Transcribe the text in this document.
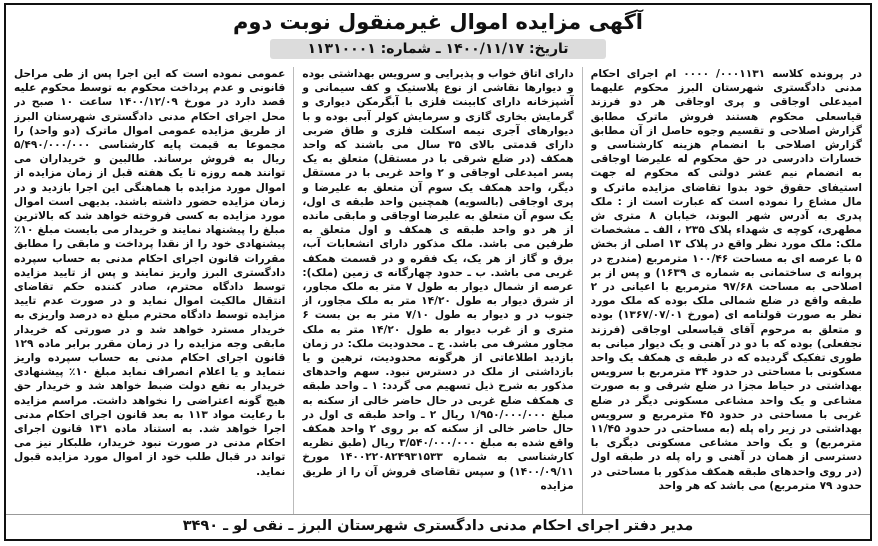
آگهی مزایده اموال غیرمنقول نوبت دوم
تاریخ: ۱۴۰۰/۱۱/۱۷ ـ شماره: ۱۱۳۱۰۰۰۱

در پرونده کلاسه ۰۰۰۱۱۳۱/ ۰۰۰۰ ام اجرای احکام مدنی دادگستری شهرستان البرز محکوم علیهما امیدعلی اوجاقی و پری اوجاقی هر دو فرزند قیاسعلی محکوم هستند فروش ماترک مطابق گزارش اصلاحی و تقسیم وجوه حاصل از آن مطابق گزارش اصلاحی با انضمام هزینه کارشناسی و خسارات دادرسی در حق محکوم له علیرضا اوجاقی به انضمام نیم عشر دولتی که محکوم له جهت استیفای حقوق خود بدوا تقاضای مزایده ماترک و مال مشاع را نموده است که عبارت است از : ملک پدری به آدرس شهر البوند، خیابان ۸ متری ش مطهری، کوچه ی شهداء پلاک ۲۳۵ ، الف ـ مشخصات ملک: ملک مورد نظر واقع در پلاک ۱۳ اصلی از بخش ۵ با عرصه ای به مساحت ۱۰۰/۴۶ مترمربع (مندرج در پروانه ی ساختمانی به شماره ی ۱۶۳۹) و پس از بر اصلاحی به مساحت ۹۷/۶۸ مترمربع با اعیانی در ۲ طبقه واقع در ضلع شمالی ملک بوده که ملک مورد نظر به صورت قولنامه ای (مورخ ۱۳۶۷/۰۷/۰۱) بوده و متعلق به مرحوم آقای قیاسعلی اوجاقی (فرزند نجفعلی) بوده که با دو در آهنی و یک دیوار میانی به طوری تفکیک گردیده که در طبقه ی همکف یک واحد مسکونی با مساحتی در حدود ۳۴ مترمربع با سرویس بهداشتی در حیاط مجزا در ضلع شرقی و به صورت مشاعی و یک واحد مشاعی مسکونی دیگر در ضلع غربی با مساحتی در حدود ۴۵ مترمربع و سرویس بهداشتی در زیر راه پله (به مساحتی در حدود ۱۱/۴۵ مترمربع) و یک واحد مشاعی مسکونی دیگری با دسترسی از همان در آهنی و راه پله در طبقه اول (در روی واحدهای طبقه همکف مذکور با مساحتی در حدود ۷۹ مترمربع) می باشد که هر واحد

دارای اتاق خواب و پذیرایی و سرویس بهداشتی بوده و دیوارها نقاشی از نوع پلاستیک و کف سیمانی و آشپزخانه دارای کابینت فلزی با آبگرمکن دیواری و گرمایش بخاری گازی و سرمایش کولر آبی بوده و با دیوارهای آجری نیمه اسکلت فلزی و طاق ضربی دارای قدمتی بالای ۳۵ سال می باشند که واحد همکف (در ضلع شرقی با در مستقل) متعلق به یک پسر امیدعلی اوجاقی و ۲ واحد غربی با در مستقل دیگر، واحد همکف یک سوم آن متعلق به علیرضا و پری اوجاقی (بالسویه) همچنین واحد طبقه ی اول، یک سوم آن متعلق به علیرضا اوجاقی و مابقی مانده از هر دو واحد طبقه ی همکف و اول متعلق به طرفین می باشد. ملک مذکور دارای انشعابات آب، برق و گاز از هر یک، یک فقره و در قسمت همکف غربی می باشد. ب ـ حدود چهارگانه ی زمین (ملک): عرصه از شمال دیوار به طول ۷ متر به ملک مجاور، از شرق دیوار به طول ۱۴/۲۰ متر به ملک مجاور، از جنوب در و دیوار به طول ۷/۱۰ متر به بن بست ۶ متری و از غرب دیوار به طول ۱۴/۲۰ متر به ملک مجاور مشرف می باشد. ج ـ محدودیت ملک: در زمان بازدید اطلاعاتی از هرگونه محدودیت، ترهین و یا بازداشتی از ملک در دسترس نبود. سهم واحدهای مذکور به شرح ذیل تسهیم می گردد: ۱ ـ واحد طبقه ی همکف ضلع غربی در حال حاضر خالی از سکنه به مبلغ ۱/۹۵۰/۰۰۰/۰۰۰ ریال ۲ ـ واحد طبقه ی اول در حال حاضر خالی از سکنه که بر روی ۲ واحد همکف واقع شده به مبلغ ۳/۵۴۰/۰۰۰/۰۰۰ ریال (طبق نظریه کارشناسی به شماره ۱۴۰۰۲۲۰۸۲۴۹۳۱۵۳۳ مورخ ۱۴۰۰/۰۹/۱۱) و سپس تقاضای فروش آن را از طریق مزایده

عمومی نموده است که این اجرا پس از طی مراحل قانونی و عدم پرداخت محکوم به توسط محکوم علیه قصد دارد در مورخ ۱۴۰۰/۱۲/۰۹ ساعت ۱۰ صبح در محل اجرای احکام مدنی دادگستری شهرستان البرز از طریق مزایده عمومی اموال ماترک (دو واحد) را مجموعا به قیمت پایه کارشناسی ۵/۴۹۰/۰۰۰/۰۰۰ ریال به فروش برساند. طالبین و خریداران می توانند همه روزه تا یک هفته قبل از زمان مزایده از اموال مورد مزایده با هماهنگی این اجرا بازدید و در زمان مزایده حضور داشته باشند. بدیهی است اموال مورد مزایده به کسی فروخته خواهد شد که بالاترین مبلغ را پیشنهاد نمایند و خریدار می بایست مبلغ ۱۰٪ پیشنهادی خود را از نقدا پرداخت و مابقی را مطابق مقررات قانون اجرای احکام مدنی به حساب سپرده دادگستری البرز واریز نمایند و پس از تایید مزایده توسط دادگاه محترم، صادر کننده حکم تقاضای انتقال مالکیت اموال نماید و در صورت عدم تایید مزایده توسط دادگاه محترم مبلغ ده درصد واریزی به خریدار مسترد خواهد شد و در صورتی که خریدار مابقی وجه مزایده را در زمان مقرر برابر ماده ۱۲۹ قانون اجرای احکام مدنی به حساب سپرده واریز ننماید و یا اعلام انصراف نماید مبلغ ۱۰٪ پیشنهادی خریدار به نفع دولت ضبط خواهد شد و خریدار حق هیچ گونه اعتراضی را نخواهد داشت. مراسم مزایده با رعایت مواد ۱۱۳ به بعد قانون اجرای احکام مدنی اجرا خواهد شد. به استناد ماده ۱۳۱ قانون اجرای احکام مدنی در صورت نبود خریدار، طلبکار نیز می تواند در قبال طلب خود از اموال مورد مزایده قبول نماید.

مدیر دفتر اجرای احکام مدنی دادگستری شهرستان البرز ـ نقی لو ـ ۳۴۹۰
